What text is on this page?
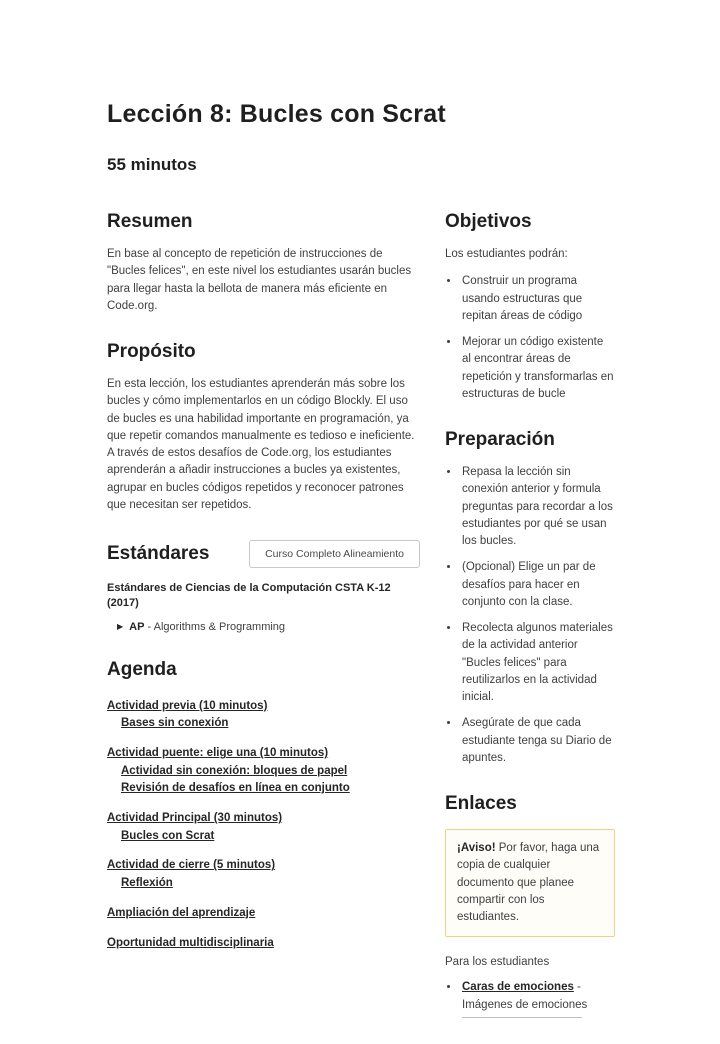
Lección 8: Bucles con Scrat
55 minutos
Resumen

En base al concepto de repetición de instrucciones de "Bucles felices", en este nivel los estudiantes usarán bucles para llegar hasta la bellota de manera más eficiente en Code.org.

Propósito

En esta lección, los estudiantes aprenderán más sobre los bucles y cómo implementarlos en un código Blockly. El uso de bucles es una habilidad importante en programación, ya que repetir comandos manualmente es tedioso e ineficiente. A través de estos desafíos de Code.org, los estudiantes aprenderán a añadir instrucciones a bucles ya existentes, agrupar en bucles códigos repetidos y reconocer patrones que necesitan ser repetidos.

Estándares	Curso Completo Alineamiento
Estándares de Ciencias de la Computación CSTA K-12 (2017)
▶ AP - Algorithms & Programming
Agenda
Actividad previa (10 minutos)
Bases sin conexión
Actividad puente: elige una (10 minutos)
Actividad sin conexión: bloques de papel
Revisión de desafíos en línea en conjunto
Actividad Principal (30 minutos)
Bucles con Scrat
Actividad de cierre (5 minutos)
Reflexión
Ampliación del aprendizaje
Oportunidad multidisciplinaria
Objetivos

Los estudiantes podrán:

• Construir un programa usando estructuras que repitan áreas de código
• Mejorar un código existente al encontrar áreas de repetición y transformarlas en estructuras de bucle
Preparación
• Repasa la lección sin conexión anterior y formula preguntas para recordar a los estudiantes por qué se usan los bucles.
• (Opcional) Elige un par de desafíos para hacer en conjunto con la clase.
• Recolecta algunos materiales de la actividad anterior "Bucles felices" para reutilizarlos en la actividad inicial.
• Asegúrate de que cada estudiante tenga su Diario de apuntes.
Enlaces
¡Aviso! Por favor, haga una copia de cualquier documento que planee compartir con los estudiantes.
Para los estudiantes
• Caras de emociones - Imágenes de emociones
